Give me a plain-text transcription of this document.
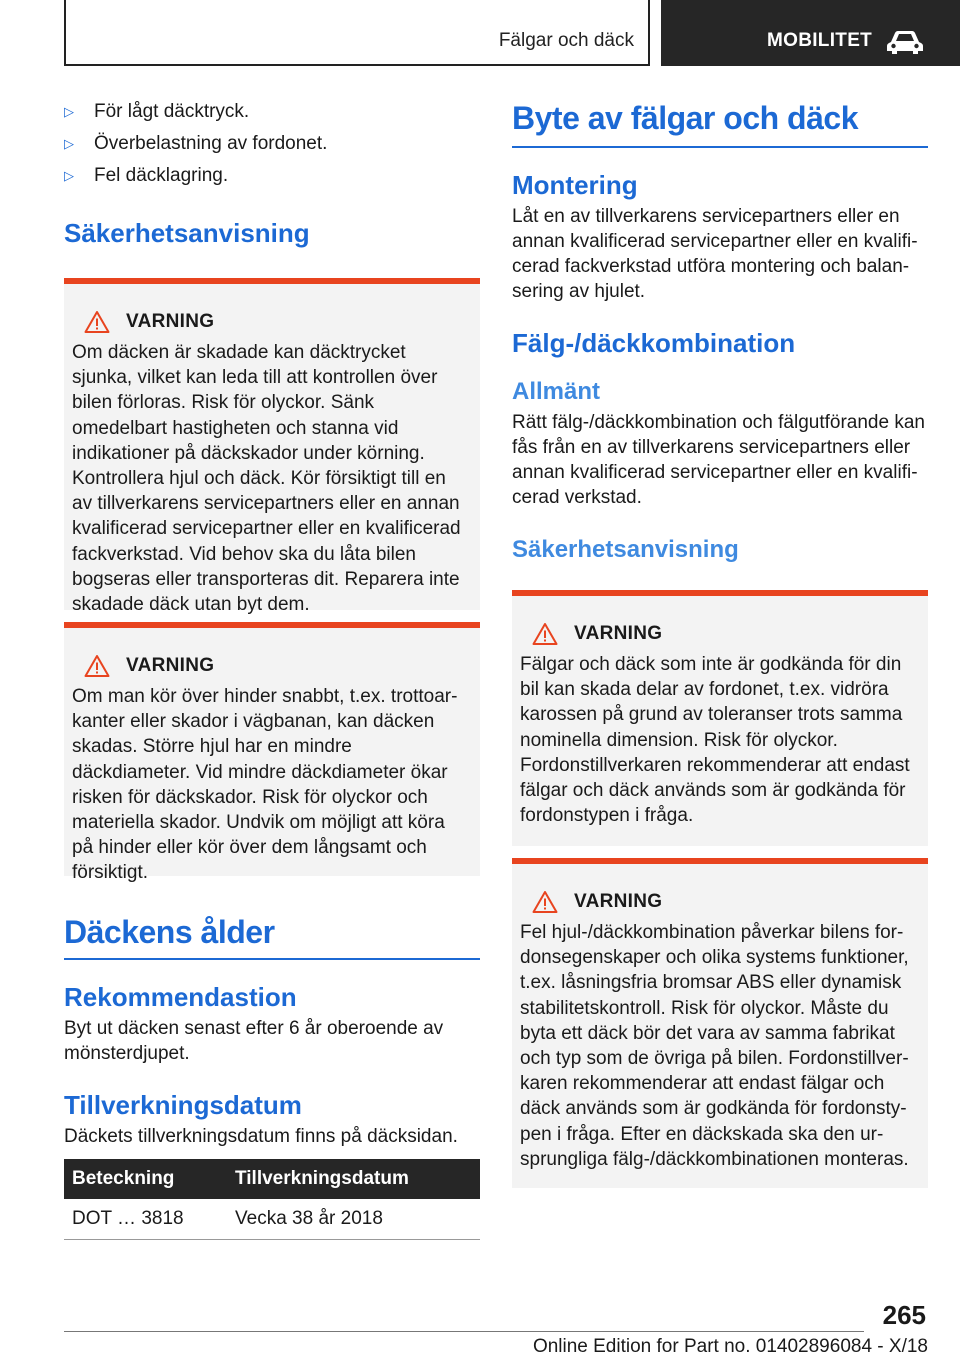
Fälgar och däck	MOBILITET
▷ För lågt däcktryck.
▷ Överbelastning av fordonet.
▷ Fel däcklagring.
Säkerhetsanvisning
VARNING
Om däcken är skadade kan däcktrycket sjunka, vilket kan leda till att kontrollen över bilen förloras. Risk för olyckor. Sänk omedelbart hastigheten och stanna vid indikationer på däckskador under körning. Kontrollera hjul och däck. Kör försiktigt till en av tillverkarens servicepartners eller en annan kvalificerad servicepartner eller en kvalificerad fackverkstad. Vid behov ska du låta bilen bogseras eller transporteras dit. Reparera inte skadade däck utan byt dem.
VARNING
Om man kör över hinder snabbt, t.ex. trottoarkanter eller skador i vägbanan, kan däcken skadas. Större hjul har en mindre däckdiameter. Vid mindre däckdiameter ökar risken för däckskador. Risk för olyckor och materiella skador. Undvik om möjligt att köra på hinder eller kör över dem långsamt och försiktigt.
Däckens ålder
Rekommendastion
Byt ut däcken senast efter 6 år oberoende av mönsterdjupet.
Tillverkningsdatum
Däckets tillverkningsdatum finns på däcksidan.
Beteckning	Tillverkningsdatum
DOT … 3818	Vecka 38 år 2018
Byte av fälgar och däck
Montering
Låt en av tillverkarens servicepartners eller en annan kvalificerad servicepartner eller en kvalificerad fackverkstad utföra montering och balansering av hjulet.
Fälg-/däckkombination
Allmänt
Rätt fälg-/däckkombination och fälgutförande kan fås från en av tillverkarens servicepartners eller annan kvalificerad servicepartner eller en kvalificerad verkstad.
Säkerhetsanvisning
VARNING
Fälgar och däck som inte är godkända för din bil kan skada delar av fordonet, t.ex. vidröra karossen på grund av toleranser trots samma nominella dimension. Risk för olyckor. Fordonstillverkaren rekommenderar att endast fälgar och däck används som är godkända för fordonstypen i fråga.
VARNING
Fel hjul-/däckkombination påverkar bilens fordonsegenskaper och olika systems funktioner, t.ex. låsningsfria bromsar ABS eller dynamisk stabilitetskontroll. Risk för olyckor. Måste du byta ett däck bör det vara av samma fabrikat och typ som de övriga på bilen. Fordonstillverkaren rekommenderar att endast fälgar och däck används som är godkända för fordonstypen i fråga. Efter en däckskada ska den ursprungliga fälg-/däckkombinationen monteras.
265
Online Edition for Part no. 01402896084 - X/18
